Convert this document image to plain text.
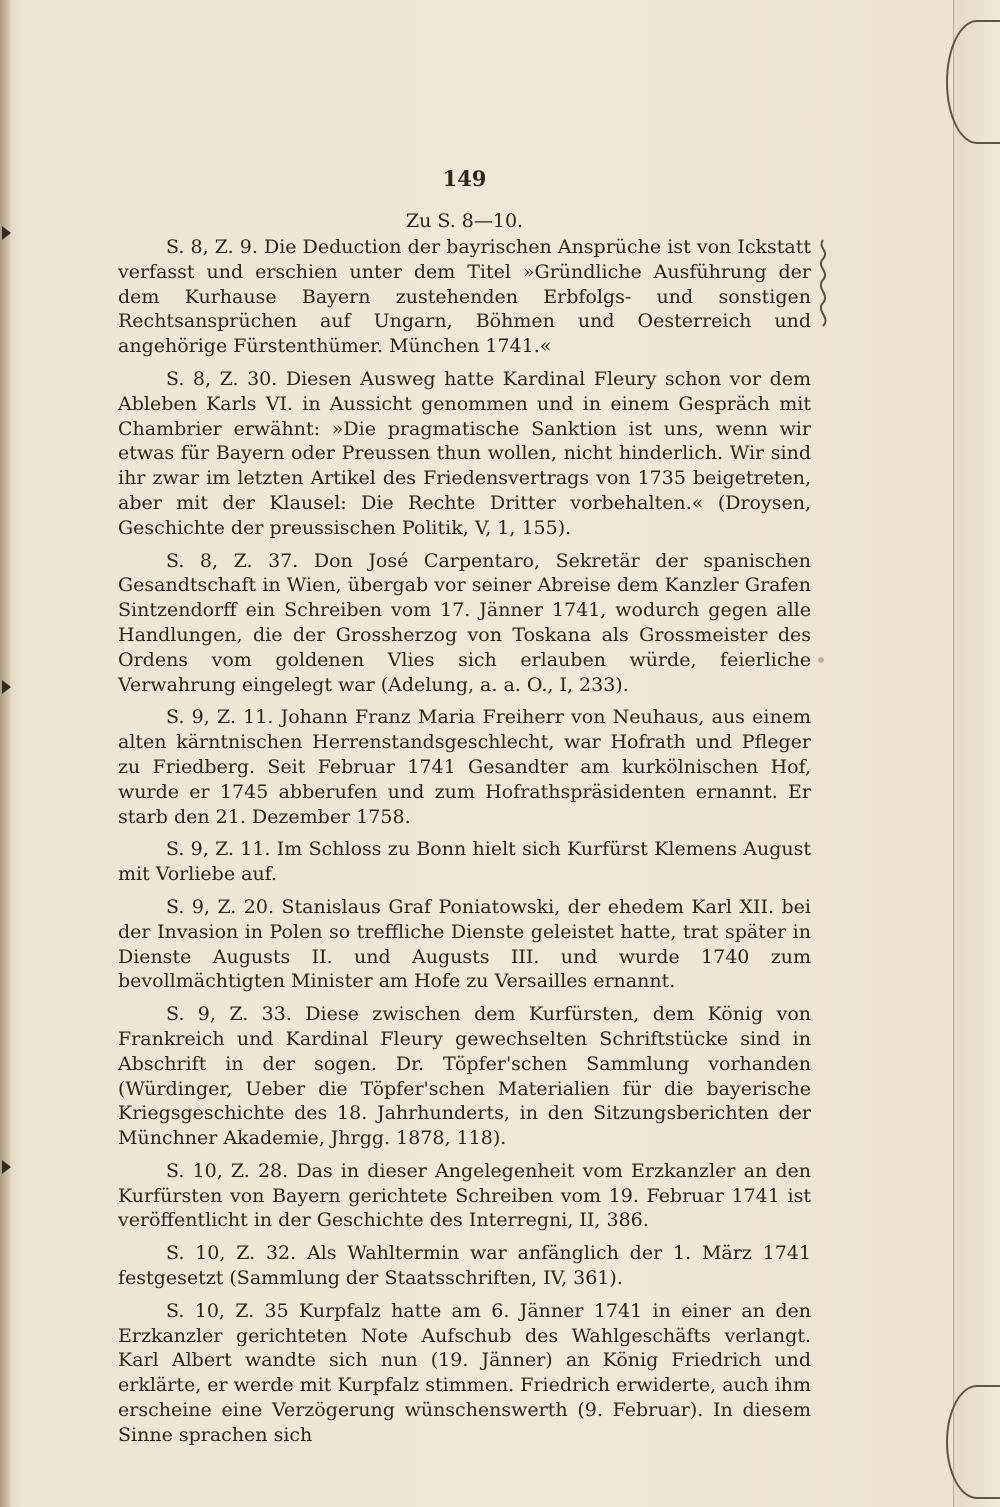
149
Zu S. 8—10.

S. 8, Z. 9. Die Deduction der bayrischen Ansprüche ist von Ickstatt verfasst und erschien unter dem Titel »Gründliche Ausführung der dem Kurhause Bayern zustehenden Erbfolgs- und sonstigen Rechtsansprüchen auf Ungarn, Böhmen und Oesterreich und angehörige Fürstenthümer. München 1741.«

S. 8, Z. 30. Diesen Ausweg hatte Kardinal Fleury schon vor dem Ableben Karls VI. in Aussicht genommen und in einem Gespräch mit Chambrier erwähnt: »Die pragmatische Sanktion ist uns, wenn wir etwas für Bayern oder Preussen thun wollen, nicht hinderlich. Wir sind ihr zwar im letzten Artikel des Friedensvertrags von 1735 beigetreten, aber mit der Klausel: Die Rechte Dritter vorbehalten.« (Droysen, Geschichte der preussischen Politik, V, 1, 155).

S. 8, Z. 37. Don José Carpentaro, Sekretär der spanischen Gesandtschaft in Wien, übergab vor seiner Abreise dem Kanzler Grafen Sintzendorff ein Schreiben vom 17. Jänner 1741, wodurch gegen alle Handlungen, die der Grossherzog von Toskana als Grossmeister des Ordens vom goldenen Vlies sich erlauben würde, feierliche Verwahrung eingelegt war (Adelung, a. a. O., I, 233).

S. 9, Z. 11. Johann Franz Maria Freiherr von Neuhaus, aus einem alten kärntnischen Herrenstandsgeschlecht, war Hofrath und Pfleger zu Friedberg. Seit Februar 1741 Gesandter am kurkölnischen Hof, wurde er 1745 abberufen und zum Hofrathspräsidenten ernannt. Er starb den 21. Dezember 1758.

S. 9, Z. 11. Im Schloss zu Bonn hielt sich Kurfürst Klemens August mit Vorliebe auf.

S. 9, Z. 20. Stanislaus Graf Poniatowski, der ehedem Karl XII. bei der Invasion in Polen so treffliche Dienste geleistet hatte, trat später in Dienste Augusts II. und Augusts III. und wurde 1740 zum bevollmächtigten Minister am Hofe zu Versailles ernannt.

S. 9, Z. 33. Diese zwischen dem Kurfürsten, dem König von Frankreich und Kardinal Fleury gewechselten Schriftstücke sind in Abschrift in der sogen. Dr. Töpfer'schen Sammlung vorhanden (Würdinger, Ueber die Töpfer'schen Materialien für die bayerische Kriegsgeschichte des 18. Jahrhunderts, in den Sitzungsberichten der Münchner Akademie, Jhrgg. 1878, 118).

S. 10, Z. 28. Das in dieser Angelegenheit vom Erzkanzler an den Kurfürsten von Bayern gerichtete Schreiben vom 19. Februar 1741 ist veröffentlicht in der Geschichte des Interregni, II, 386.

S. 10, Z. 32. Als Wahltermin war anfänglich der 1. März 1741 festgesetzt (Sammlung der Staatsschriften, IV, 361).

S. 10, Z. 35 Kurpfalz hatte am 6. Jänner 1741 in einer an den Erzkanzler gerichteten Note Aufschub des Wahlgeschäfts verlangt. Karl Albert wandte sich nun (19. Jänner) an König Friedrich und erklärte, er werde mit Kurpfalz stimmen. Friedrich erwiderte, auch ihm erscheine eine Verzögerung wünschenswerth (9. Februar). In diesem Sinne sprachen sich
